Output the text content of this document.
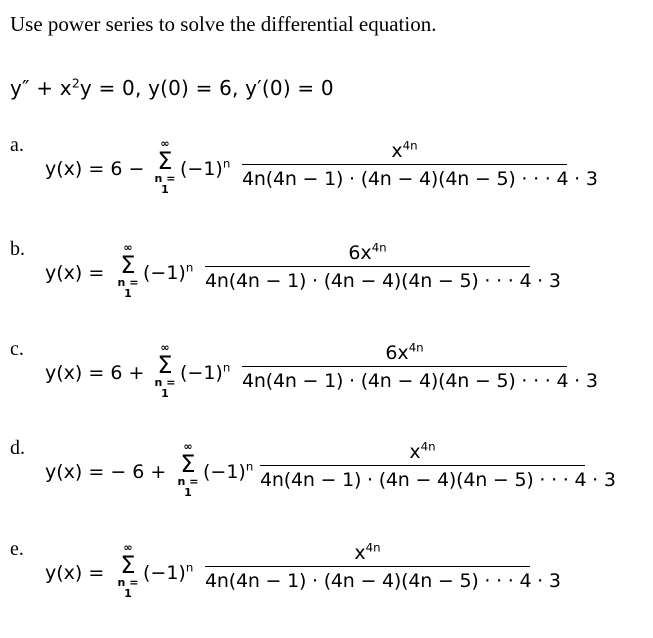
Use power series to solve the differential equation.
$y'' + x^2y = 0$, y(0) = 6, y′(0) = 0
a.
y(x) = 6 −
∞
Σ
n = 1
$(-1)^n$
$x^{4n}$
4n(4n − 1) · (4n − 4)(4n − 5) · · · 4 · 3
b.
y(x) =
∞
Σ
n = 1
$(-1)^n$
$6x^{4n}$
4n(4n − 1) · (4n − 4)(4n − 5) · · · 4 · 3
c.
y(x) = 6 +
∞
Σ
n = 1
$(-1)^n$
$6x^{4n}$
4n(4n − 1) · (4n − 4)(4n − 5) · · · 4 · 3
d.
y(x) = − 6 +
∞
Σ
n = 1
$(-1)^n$
$x^{4n}$
4n(4n − 1) · (4n − 4)(4n − 5) · · · 4 · 3
e.
y(x) =
∞
Σ
n = 1
$(-1)^n$
$x^{4n}$
4n(4n − 1) · (4n − 4)(4n − 5) · · · 4 · 3
